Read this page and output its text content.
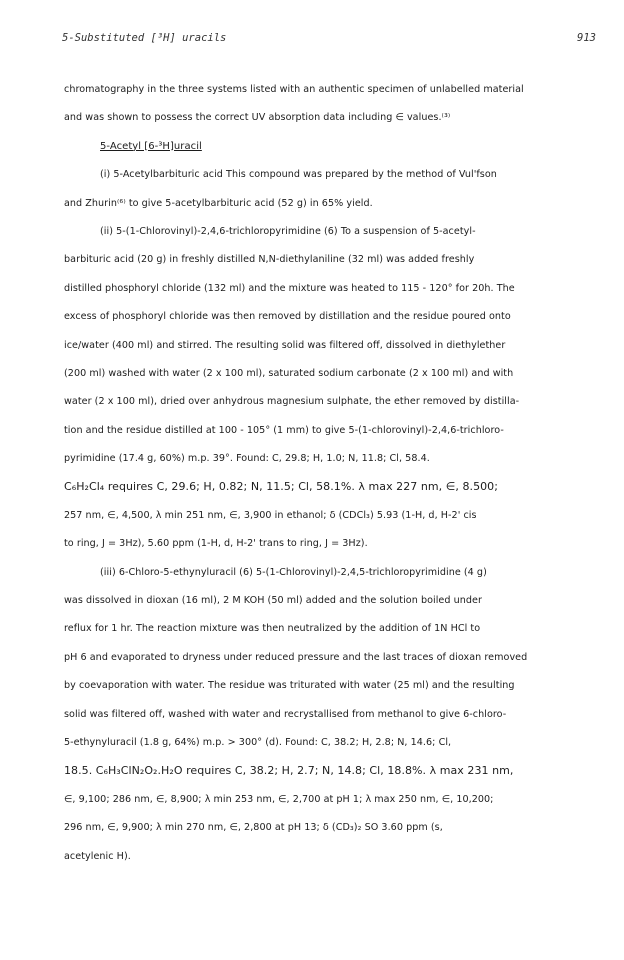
5-Substituted [³H] uracils	913
chromatography in the three systems listed with an authentic specimen of unlabelled material
and was shown to possess the correct UV absorption data including ∈ values.⁽³⁾
5-Acetyl [6-³H]uracil
(i) 5-Acetylbarbituric acid This compound was prepared by the method of Vul'fson
and Zhurin⁽⁶⁾ to give 5-acetylbarbituric acid (52 g) in 65% yield.
(ii) 5-(1-Chlorovinyl)-2,4,6-trichloropyrimidine (6) To a suspension of 5-acetyl-
barbituric acid (20 g) in freshly distilled N,N-diethylaniline (32 ml) was added freshly
distilled phosphoryl chloride (132 ml) and the mixture was heated to 115 - 120° for 20h. The
excess of phosphoryl chloride was then removed by distillation and the residue poured onto
ice/water (400 ml) and stirred. The resulting solid was filtered off, dissolved in diethylether
(200 ml) washed with water (2 x 100 ml), saturated sodium carbonate (2 x 100 ml) and with
water (2 x 100 ml), dried over anhydrous magnesium sulphate, the ether removed by distilla-
tion and the residue distilled at 100 - 105° (1 mm) to give 5-(1-chlorovinyl)-2,4,6-trichloro-
pyrimidine (17.4 g, 60%) m.p. 39°. Found: C, 29.8; H, 1.0; N, 11.8; Cl, 58.4.
C₆H₂Cl₄ requires C, 29.6; H, 0.82; N, 11.5; Cl, 58.1%. λ max 227 nm, ∈, 8.500;
257 nm, ∈, 4,500, λ min 251 nm, ∈, 3,900 in ethanol; δ (CDCl₃) 5.93 (1-H, d, H-2' cis
to ring, J = 3Hz), 5.60 ppm (1-H, d, H-2' trans to ring, J = 3Hz).
(iii) 6-Chloro-5-ethynyluracil (6) 5-(1-Chlorovinyl)-2,4,5-trichloropyrimidine (4 g)
was dissolved in dioxan (16 ml), 2 M KOH (50 ml) added and the solution boiled under
reflux for 1 hr. The reaction mixture was then neutralized by the addition of 1N HCl to
pH 6 and evaporated to dryness under reduced pressure and the last traces of dioxan removed
by coevaporation with water. The residue was triturated with water (25 ml) and the resulting
solid was filtered off, washed with water and recrystallised from methanol to give 6-chloro-
5-ethynyluracil (1.8 g, 64%) m.p. > 300° (d). Found: C, 38.2; H, 2.8; N, 14.6; Cl,
18.5. C₆H₃ClN₂O₂.H₂O requires C, 38.2; H, 2.7; N, 14.8; Cl, 18.8%. λ max 231 nm,
∈, 9,100; 286 nm, ∈, 8,900; λ min 253 nm, ∈, 2,700 at pH 1; λ max 250 nm, ∈, 10,200;
296 nm, ∈, 9,900; λ min 270 nm, ∈, 2,800 at pH 13; δ (CD₃)₂ SO 3.60 ppm (s,
acetylenic H).
